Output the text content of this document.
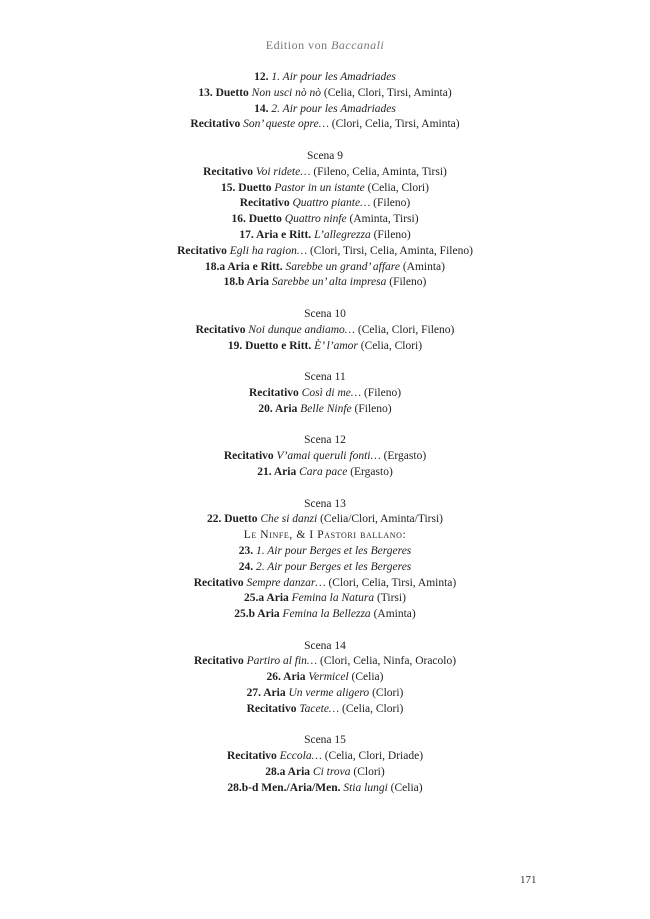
Edition von Baccanali
12. 1. Air pour les Amadriades
13. Duetto Non usci nò nò (Celia, Clori, Tirsi, Aminta)
14. 2. Air pour les Amadriades
Recitativo Son’ queste opre… (Clori, Celia, Tirsi, Aminta)
Scena 9
Recitativo Voi ridete… (Fileno, Celia, Aminta, Tirsi)
15. Duetto Pastor in un istante (Celia, Clori)
Recitativo Quattro piante… (Fileno)
16. Duetto Quattro ninfe (Aminta, Tirsi)
17. Aria e Ritt. L’allegrezza (Fileno)
Recitativo Egli ha ragion… (Clori, Tirsi, Celia, Aminta, Fileno)
18.a Aria e Ritt. Sarebbe un grand’ affare (Aminta)
18.b Aria Sarebbe un’ alta impresa (Fileno)
Scena 10
Recitativo Noi dunque andiamo… (Celia, Clori, Fileno)
19. Duetto e Ritt. È’ l’amor (Celia, Clori)
Scena 11
Recitativo Così di me… (Fileno)
20. Aria Belle Ninfe (Fileno)
Scena 12
Recitativo V’amai queruli fonti… (Ergasto)
21. Aria Cara pace (Ergasto)
Scena 13
22. Duetto Che si danzi (Celia/Clori, Aminta/Tirsi)
Le Ninfe, & I Pastori ballano:
23. 1. Air pour Berges et les Bergeres
24. 2. Air pour Berges et les Bergeres
Recitativo Sempre danzar… (Clori, Celia, Tirsi, Aminta)
25.a Aria Femina la Natura (Tirsi)
25.b Aria Femina la Bellezza (Aminta)
Scena 14
Recitativo Partiro al fin… (Clori, Celia, Ninfa, Oracolo)
26. Aria Vermicel (Celia)
27. Aria Un verme aligero (Clori)
Recitativo Tacete… (Celia, Clori)
Scena 15
Recitativo Eccola… (Celia, Clori, Driade)
28.a Aria Ci trova (Clori)
28.b-d Men./Aria/Men. Stia lungi (Celia)
171
